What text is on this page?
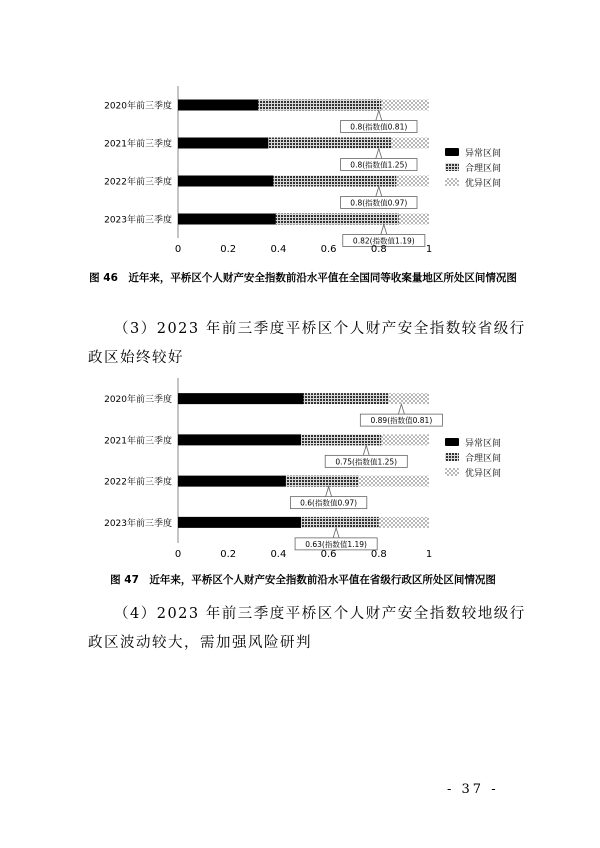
2020年前三季度
0.8(指数值0.81)
2021年前三季度
0.8(指数值1.25)
2022年前三季度
0.8(指数值0.97)
2023年前三季度
0.82(指数值1.19)
0	0.2	0.4	0.6	0.8	1
异常区间
合理区间
优异区间
图 46　近年来，平桥区个人财产安全指数前沿水平值在全国同等收案量地区所处区间情况图
（3）2023 年前三季度平桥区个人财产安全指数较省级行政区始终较好
2020年前三季度
0.89(指数值0.81)
2021年前三季度
0.75(指数值1.25)
2022年前三季度
0.6(指数值0.97)
2023年前三季度
0.63(指数值1.19)
0	0.2	0.4	0.6	0.8	1
异常区间
合理区间
优异区间
图 47　近年来，平桥区个人财产安全指数前沿水平值在省级行政区所处区间情况图
（4）2023 年前三季度平桥区个人财产安全指数较地级行政区波动较大，需加强风险研判
- 37 -
